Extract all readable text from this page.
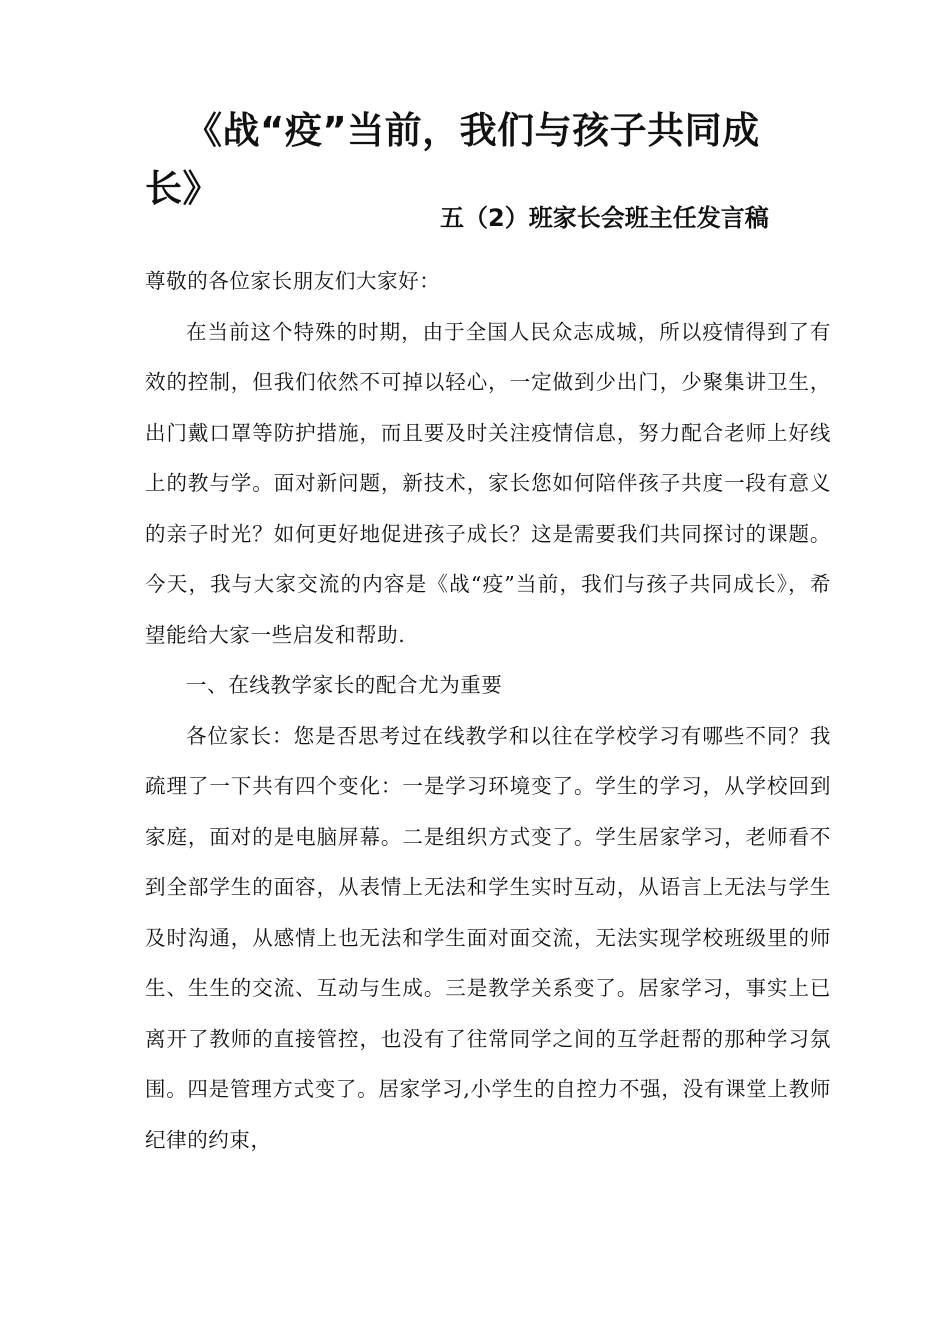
《战“疫”当前，我们与孩子共同成长》
五（2）班家长会班主任发言稿

尊敬的各位家长朋友们大家好：

在当前这个特殊的时期，由于全国人民众志成城，所以疫情得到了有效的控制，但我们依然不可掉以轻心，一定做到少出门，少聚集讲卫生，出门戴口罩等防护措施，而且要及时关注疫情信息，努力配合老师上好线上的教与学。面对新问题，新技术，家长您如何陪伴孩子共度一段有意义的亲子时光？如何更好地促进孩子成长？这是需要我们共同探讨的课题。今天，我与大家交流的内容是《战“疫”当前，我们与孩子共同成长》，希望能给大家一些启发和帮助.

一、在线教学家长的配合尤为重要

各位家长：您是否思考过在线教学和以往在学校学习有哪些不同？我疏理了一下共有四个变化：一是学习环境变了。学生的学习，从学校回到家庭，面对的是电脑屏幕。二是组织方式变了。学生居家学习，老师看不到全部学生的面容，从表情上无法和学生实时互动，从语言上无法与学生及时沟通，从感情上也无法和学生面对面交流，无法实现学校班级里的师生、生生的交流、互动与生成。三是教学关系变了。居家学习，事实上已离开了教师的直接管控，也没有了往常同学之间的互学赶帮的那种学习氛围。四是管理方式变了。居家学习,小学生的自控力不强，没有课堂上教师纪律的约束，
